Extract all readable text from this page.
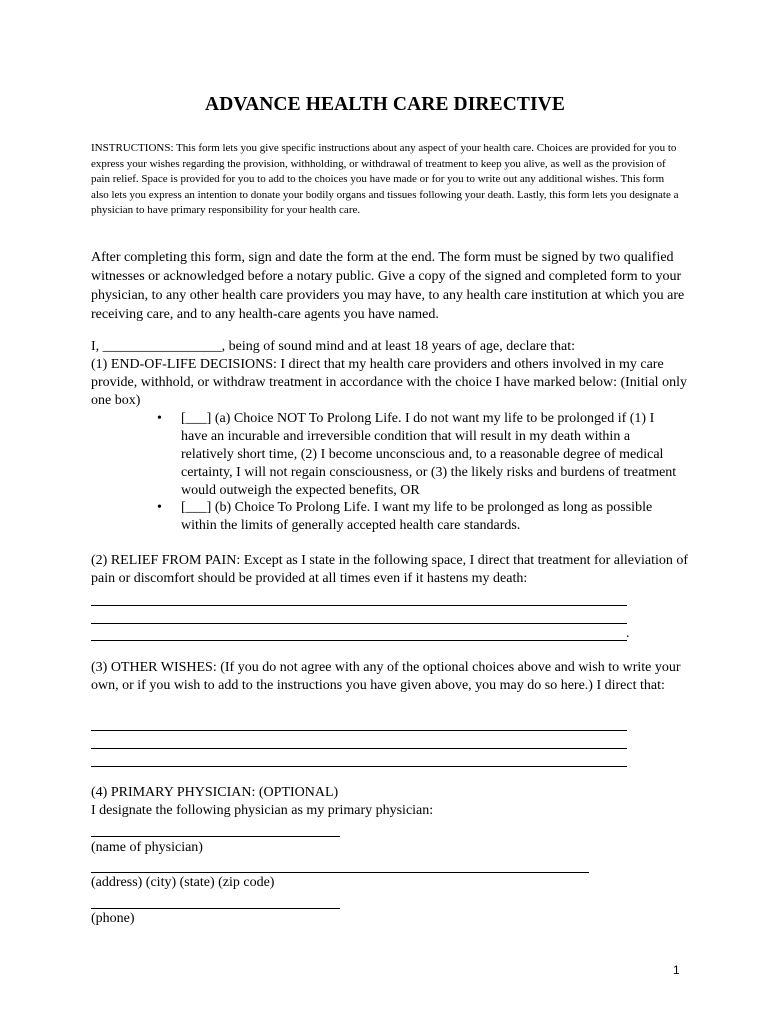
ADVANCE HEALTH CARE DIRECTIVE

INSTRUCTIONS: This form lets you give specific instructions about any aspect of your health care. Choices are provided for you to express your wishes regarding the provision, withholding, or withdrawal of treatment to keep you alive, as well as the provision of pain relief. Space is provided for you to add to the choices you have made or for you to write out any additional wishes. This form also lets you express an intention to donate your bodily organs and tissues following your death. Lastly, this form lets you designate a physician to have primary responsibility for your health care.

After completing this form, sign and date the form at the end. The form must be signed by two qualified witnesses or acknowledged before a notary public. Give a copy of the signed and completed form to your physician, to any other health care providers you may have, to any health care institution at which you are receiving care, and to any health-care agents you have named.

I, _________________, being of sound mind and at least 18 years of age, declare that:
(1) END-OF-LIFE DECISIONS: I direct that my health care providers and others involved in my care provide, withhold, or withdraw treatment in accordance with the choice I have marked below: (Initial only one box)
• [___] (a) Choice NOT To Prolong Life. I do not want my life to be prolonged if (1) I have an incurable and irreversible condition that will result in my death within a relatively short time, (2) I become unconscious and, to a reasonable degree of medical certainty, I will not regain consciousness, or (3) the likely risks and burdens of treatment would outweigh the expected benefits, OR
• [___] (b) Choice To Prolong Life. I want my life to be prolonged as long as possible within the limits of generally accepted health care standards.

(2) RELIEF FROM PAIN: Except as I state in the following space, I direct that treatment for alleviation of pain or discomfort should be provided at all times even if it hastens my death:

.

(3) OTHER WISHES: (If you do not agree with any of the optional choices above and wish to write your own, or if you wish to add to the instructions you have given above, you may do so here.) I direct that:

(4) PRIMARY PHYSICIAN: (OPTIONAL)
I designate the following physician as my primary physician:
(name of physician)
(address) (city) (state) (zip code)
(phone)
1
